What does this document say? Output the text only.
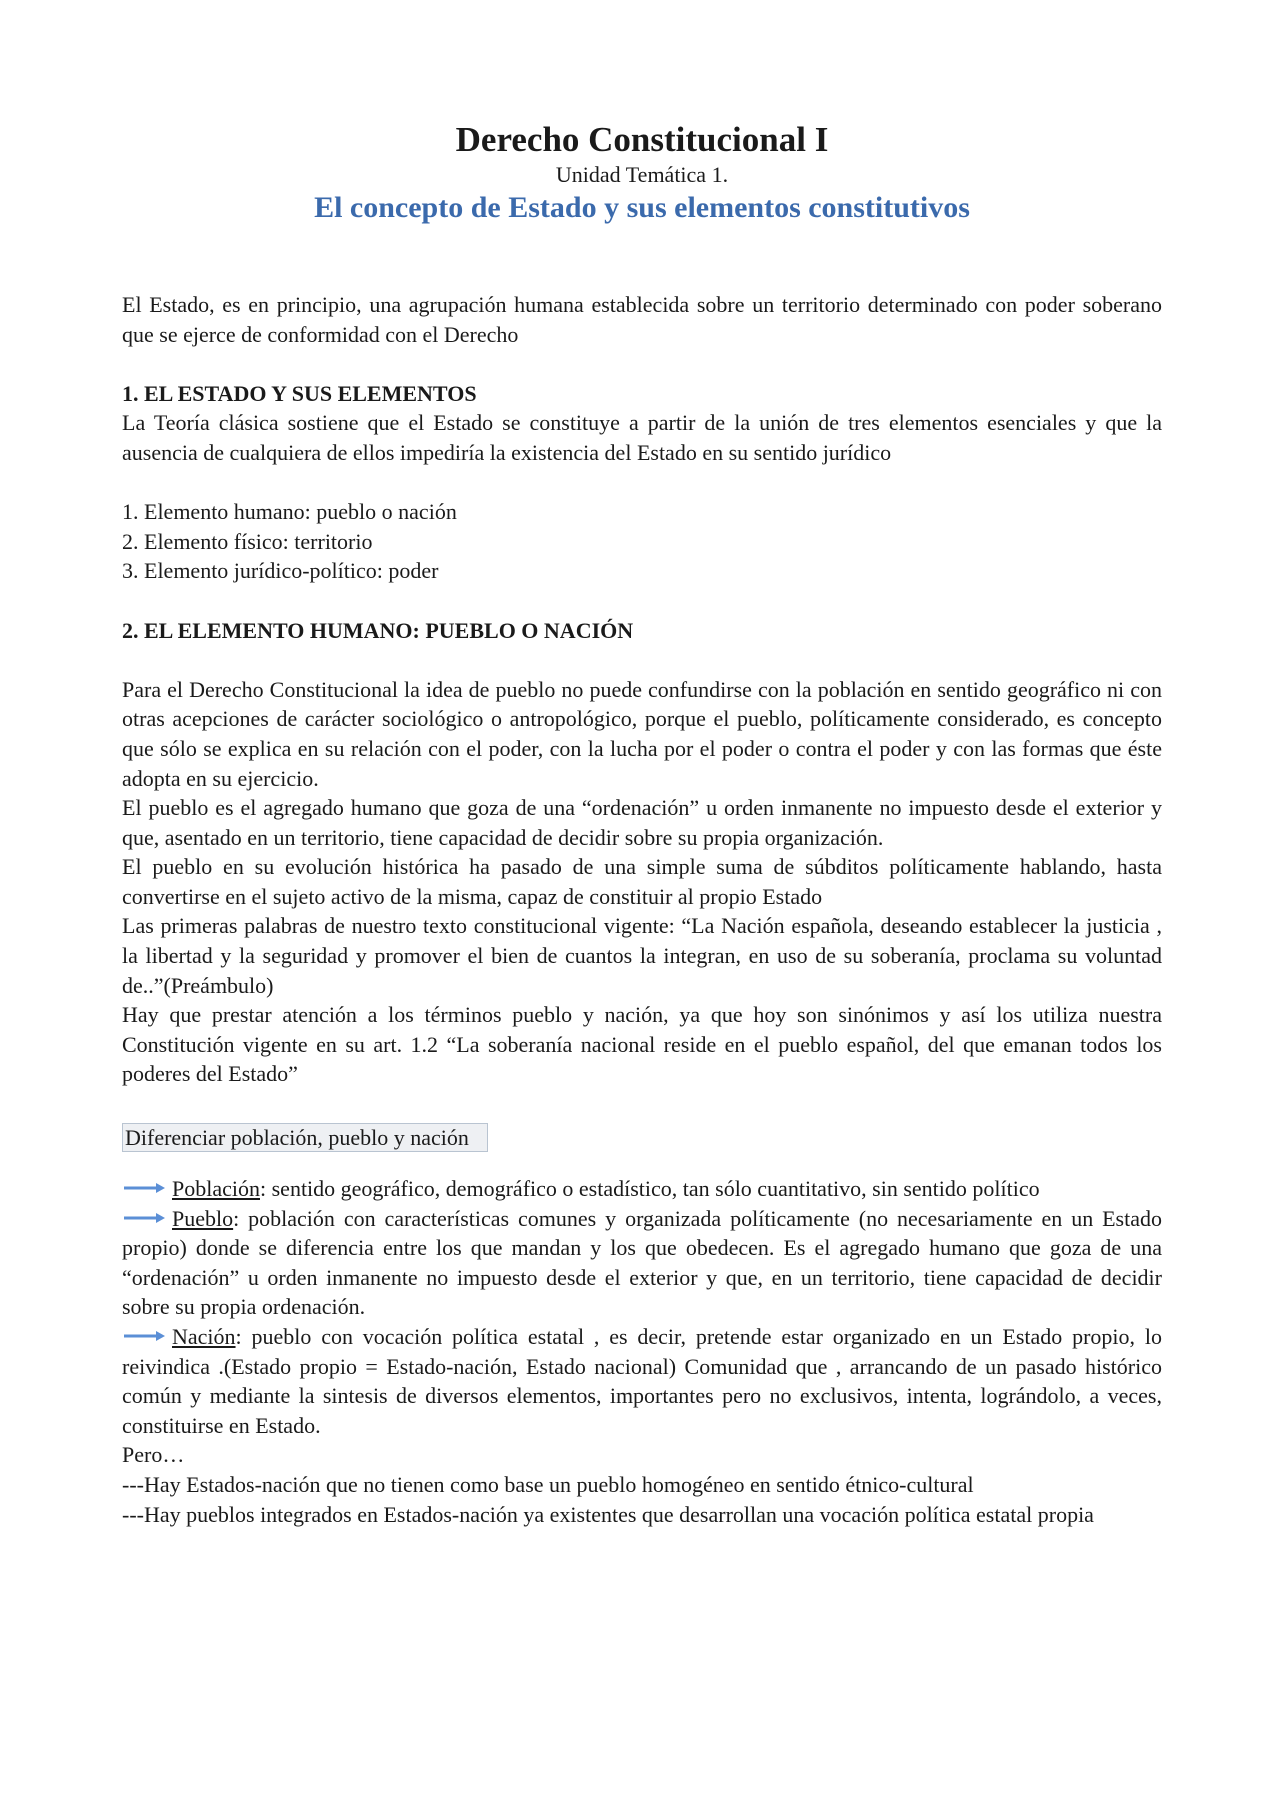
Derecho Constitucional I

Unidad Temática 1.

El concepto de Estado y sus elementos constitutivos

El Estado, es en principio, una agrupación humana establecida sobre un territorio determinado con poder soberano que se ejerce de conformidad con el Derecho

1. EL ESTADO Y SUS ELEMENTOS

La Teoría clásica sostiene que el Estado se constituye a partir de la unión de tres elementos esenciales y que la ausencia de cualquiera de ellos impediría la existencia del Estado en su sentido jurídico

1. Elemento humano: pueblo o nación

2. Elemento físico: territorio

3. Elemento jurídico-político: poder

2. EL ELEMENTO HUMANO: PUEBLO O NACIÓN

Para el Derecho Constitucional la idea de pueblo no puede confundirse con la población en sentido geográfico ni con otras acepciones de carácter sociológico o antropológico, porque el pueblo, políticamente considerado, es concepto que sólo se explica en su relación con el poder, con la lucha por el poder o contra el poder y con las formas que éste adopta en su ejercicio.

El pueblo es el agregado humano que goza de una “ordenación” u orden inmanente no impuesto desde el exterior y que, asentado en un territorio, tiene capacidad de decidir sobre su propia organización.

El pueblo en su evolución histórica ha pasado de una simple suma de súbditos políticamente hablando, hasta convertirse en el sujeto activo de la misma, capaz de constituir al propio Estado

Las primeras palabras de nuestro texto constitucional vigente: “La Nación española, deseando establecer la justicia , la libertad y la seguridad y promover el bien de cuantos la integran, en uso de su soberanía, proclama su voluntad de..”(Preámbulo)

Hay que prestar atención a los términos pueblo y nación, ya que hoy son sinónimos y así los utiliza nuestra Constitución vigente en su art. 1.2 “La soberanía nacional reside en el pueblo español, del que emanan todos los poderes del Estado”

Diferenciar población, pueblo y nación

Población: sentido geográfico, demográfico o estadístico, tan sólo cuantitativo, sin sentido político

Pueblo: población con características comunes y organizada políticamente (no necesariamente en un Estado propio) donde se diferencia entre los que mandan y los que obedecen. Es el agregado humano que goza de una “ordenación” u orden inmanente no impuesto desde el exterior y que, en un territorio, tiene capacidad de decidir sobre su propia ordenación.

Nación: pueblo con vocación política estatal , es decir, pretende estar organizado en un Estado propio, lo reivindica .(Estado propio = Estado-nación, Estado nacional) Comunidad que , arrancando de un pasado histórico común y mediante la sintesis de diversos elementos, importantes pero no exclusivos, intenta, lográndolo, a veces, constituirse en Estado.

Pero…

---Hay Estados-nación que no tienen como base un pueblo homogéneo en sentido étnico-cultural

---Hay pueblos integrados en Estados-nación ya existentes que desarrollan una vocación política estatal propia
